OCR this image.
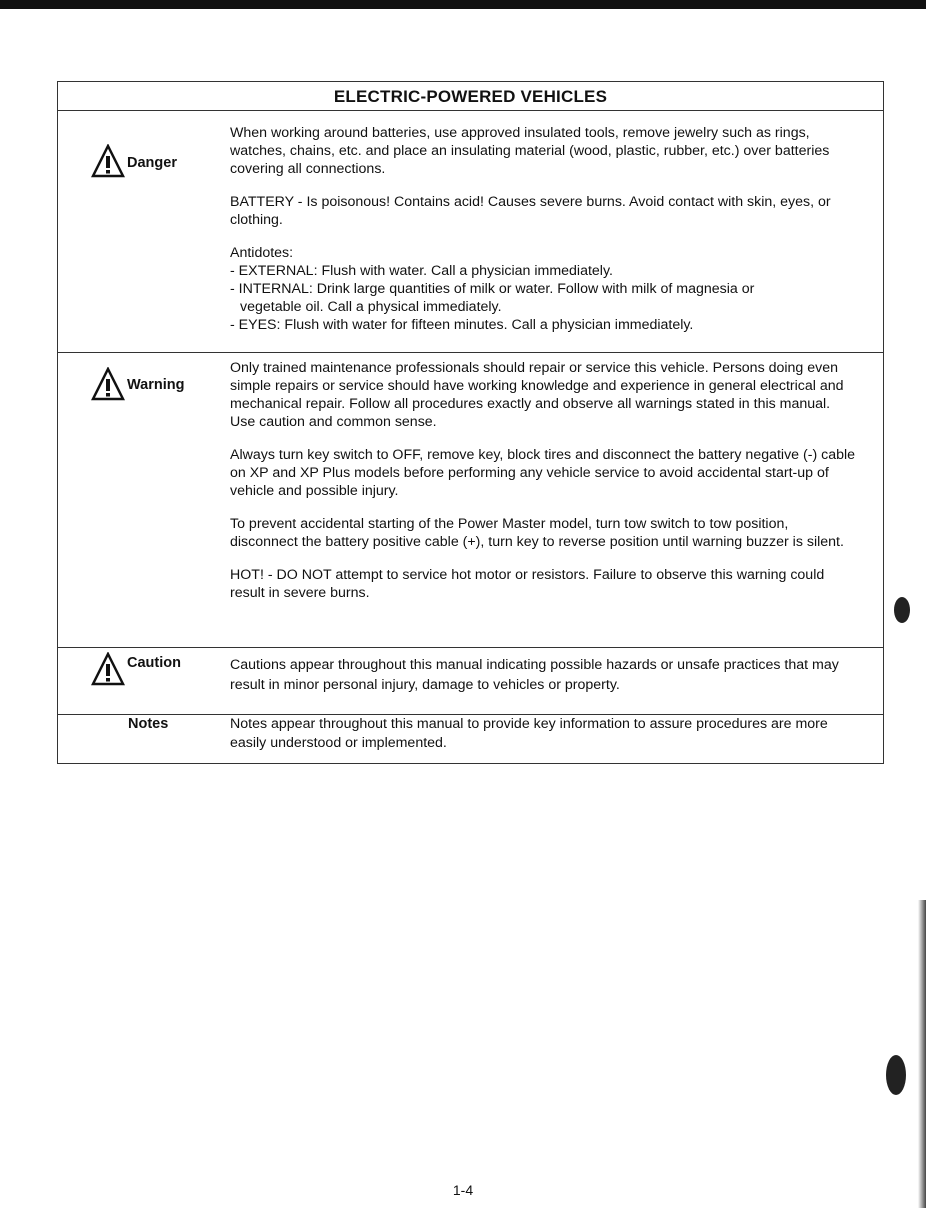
ELECTRIC-POWERED VEHICLES
Danger

When working around batteries, use approved insulated tools, remove jewelry such as rings, watches, chains, etc. and place an insulating material (wood, plastic, rubber, etc.) over batteries covering all connections.

BATTERY - Is poisonous! Contains acid! Causes severe burns. Avoid contact with skin, eyes, or clothing.

Antidotes:
- EXTERNAL: Flush with water. Call a physician immediately.
- INTERNAL: Drink large quantities of milk or water. Follow with milk of magnesia or
vegetable oil. Call a physical immediately.
- EYES: Flush with water for fifteen minutes. Call a physician immediately.

Warning

Only trained maintenance professionals should repair or service this vehicle. Persons doing even simple repairs or service should have working knowledge and experience in general electrical and mechanical repair. Follow all procedures exactly and observe all warnings stated in this manual. Use caution and common sense.

Always turn key switch to OFF, remove key, block tires and disconnect the battery negative (-) cable on XP and XP Plus models before performing any vehicle service to avoid accidental start-up of vehicle and possible injury.

To prevent accidental starting of the Power Master model, turn tow switch to tow position, disconnect the battery positive cable (+), turn key to reverse position until warning buzzer is silent.

HOT! - DO NOT attempt to service hot motor or resistors. Failure to observe this warning could result in severe burns.

Caution	Cautions appear throughout this manual indicating possible hazards or unsafe practices that may result in minor personal injury, damage to vehicles or property.

Notes	Notes appear throughout this manual to provide key information to assure procedures are more easily understood or implemented.

1-4
